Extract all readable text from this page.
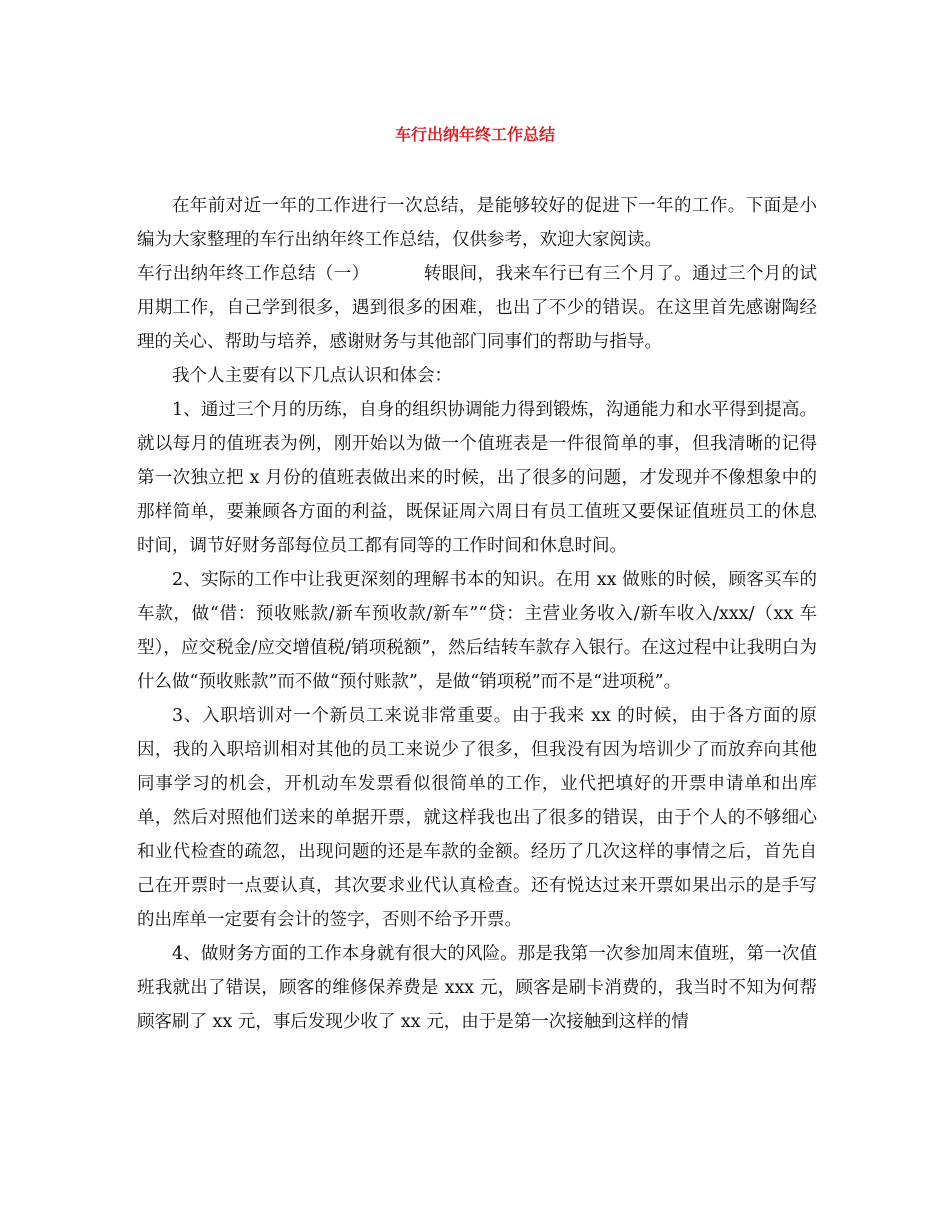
车行出纳年终工作总结

在年前对近一年的工作进行一次总结，是能够较好的促进下一年的工作。下面是小编为大家整理的车行出纳年终工作总结，仅供参考，欢迎大家阅读。

车行出纳年终工作总结（一）	转眼间，我来车行已有三个月了。通过三个月的试用期工作，自己学到很多，遇到很多的困难，也出了不少的错误。在这里首先感谢陶经理的关心、帮助与培养，感谢财务与其他部门同事们的帮助与指导。

我个人主要有以下几点认识和体会：

1、通过三个月的历练，自身的组织协调能力得到锻炼，沟通能力和水平得到提高。就以每月的值班表为例，刚开始以为做一个值班表是一件很简单的事，但我清晰的记得第一次独立把 x 月份的值班表做出来的时候，出了很多的问题，才发现并不像想象中的那样简单，要兼顾各方面的利益，既保证周六周日有员工值班又要保证值班员工的休息时间，调节好财务部每位员工都有同等的工作时间和休息时间。

2、实际的工作中让我更深刻的理解书本的知识。在用 xx 做账的时候，顾客买车的车款，做“借：预收账款/新车预收款/新车”“贷：主营业务收入/新车收入/xxx/（xx 车型），应交税金/应交增值税/销项税额”，然后结转车款存入银行。在这过程中让我明白为什么做“预收账款”而不做“预付账款”，是做“销项税”而不是“进项税”。

3、入职培训对一个新员工来说非常重要。由于我来 xx 的时候，由于各方面的原因，我的入职培训相对其他的员工来说少了很多，但我没有因为培训少了而放弃向其他同事学习的机会，开机动车发票看似很简单的工作，业代把填好的开票申请单和出库单，然后对照他们送来的单据开票，就这样我也出了很多的错误，由于个人的不够细心和业代检查的疏忽，出现问题的还是车款的金额。经历了几次这样的事情之后，首先自己在开票时一点要认真，其次要求业代认真检查。还有悦达过来开票如果出示的是手写的出库单一定要有会计的签字，否则不给予开票。

4、做财务方面的工作本身就有很大的风险。那是我第一次参加周末值班，第一次值班我就出了错误，顾客的维修保养费是 xxx 元，顾客是刷卡消费的，我当时不知为何帮顾客刷了 xx 元，事后发现少收了 xx 元，由于是第一次接触到这样的情
